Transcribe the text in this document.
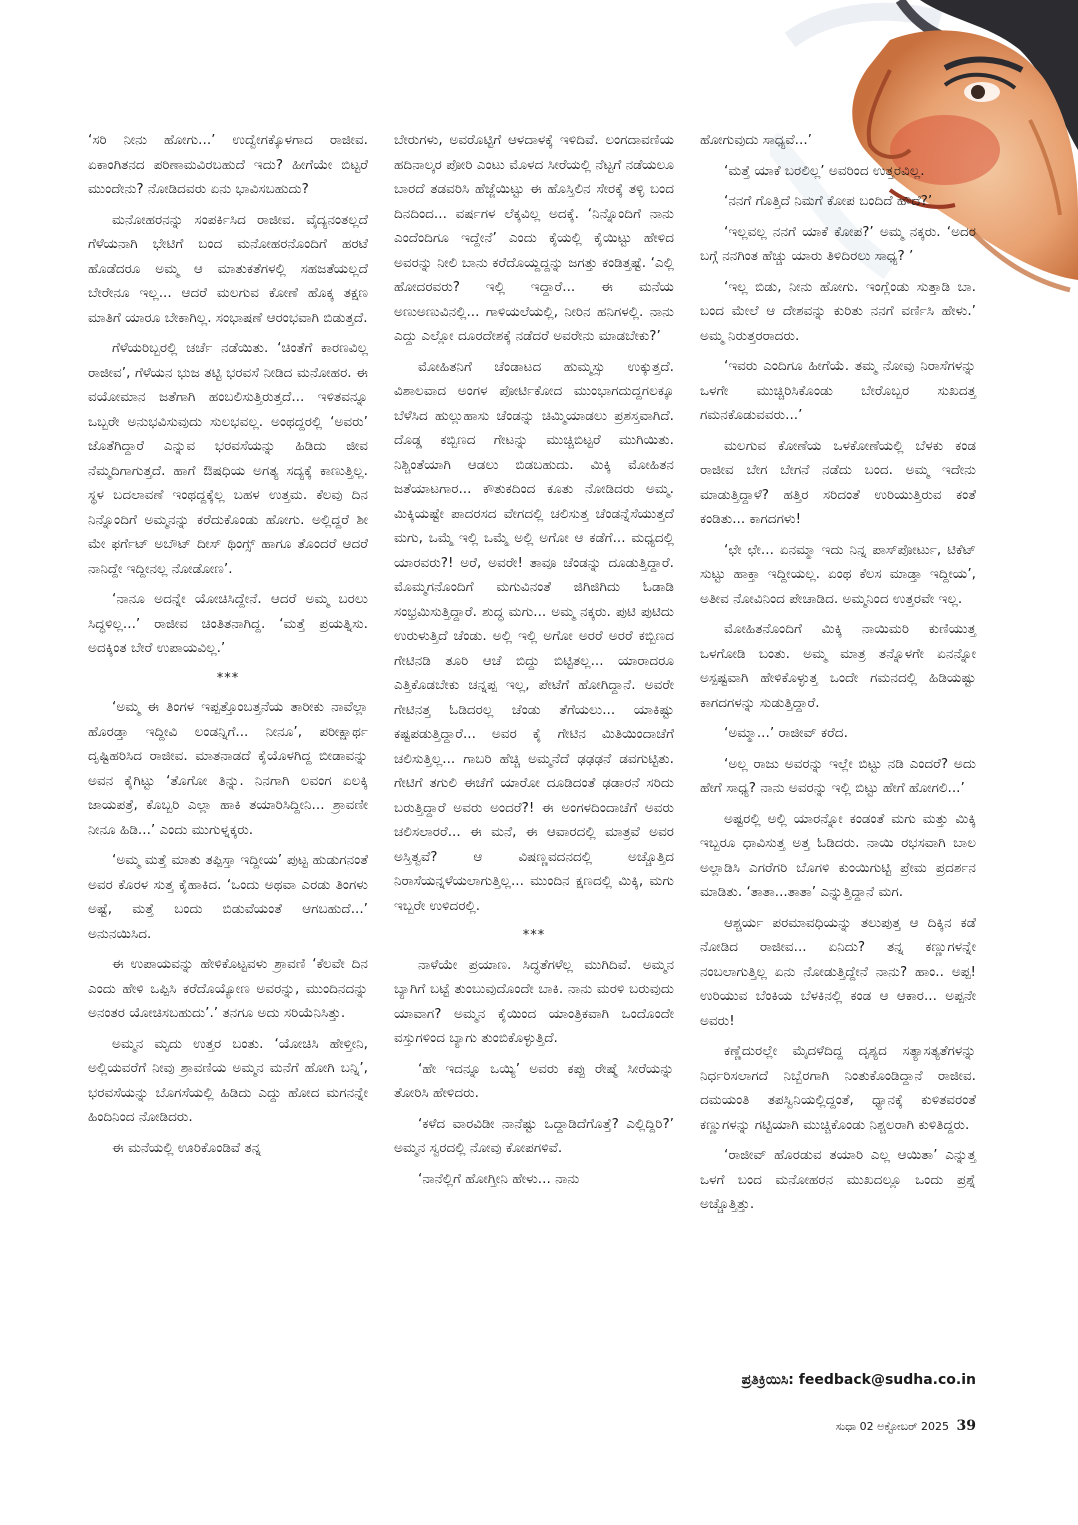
‘ಸರಿ ನೀನು ಹೋಗು...’ ಉದ್ವೇಗಕ್ಕೊಳಗಾದ ರಾಜೀವ. ಏಕಾಂಗಿತನದ ಪರಿಣಾಮವಿರಬಹುದೆ ಇದು? ಹೀಗೆಯೇ ಬಿಟ್ಟರೆ ಮುಂದೇನು? ನೋಡಿದವರು ಏನು ಭಾವಿಸಬಹುದು?

ಮನೋಹರನನ್ನು ಸಂಪರ್ಕಿಸಿದ ರಾಜೀವ. ವೈದ್ಯನಂತಲ್ಲದೆ ಗೆಳೆಯನಾಗಿ ಭೇಟಿಗೆ ಬಂದ ಮನೋಹರನೊಂದಿಗೆ ಹರಟೆ ಹೊಡೆದರೂ ಅಮ್ಮ ಆ ಮಾತುಕತೆಗಳಲ್ಲಿ ಸಹಜತೆಯಲ್ಲದೆ ಬೇರೇನೂ ಇಲ್ಲ... ಆದರೆ ಮಲಗುವ ಕೋಣೆ ಹೊಕ್ಕ ತಕ್ಷಣ ಮಾತಿಗೆ ಯಾರೂ ಬೇಕಾಗಿಲ್ಲ. ಸಂಭಾಷಣೆ ಆರಂಭವಾಗಿ ಬಿಡುತ್ತದೆ.

ಗೆಳೆಯರಿಬ್ಬರಲ್ಲಿ ಚರ್ಚೆ ನಡೆಯಿತು. ‘ಚಿಂತೆಗೆ ಕಾರಣವಿಲ್ಲ ರಾಜೀವ’, ಗೆಳೆಯನ ಭುಜ ತಟ್ಟಿ ಭರವಸೆ ನೀಡಿದ ಮನೋಹರ. ಈ ವಯೋಮಾನ ಜತೆಗಾಗಿ ಹಂಬಲಿಸುತ್ತಿರುತ್ತದೆ... ಇಳಿತವನ್ನೂ ಒಬ್ಬರೇ ಅನುಭವಿಸುವುದು ಸುಲಭವಲ್ಲ. ಅಂಥದ್ದರಲ್ಲಿ ‘ಅವರು’ ಜೊತೆಗಿದ್ದಾರೆ ಎನ್ನುವ ಭರವಸೆಯನ್ನು ಹಿಡಿದು ಜೀವ ನೆಮ್ಮದಿಗಾಗುತ್ತದೆ. ಹಾಗೆ ಔಷಧಿಯ ಅಗತ್ಯ ಸದ್ಯಕ್ಕೆ ಕಾಣುತ್ತಿಲ್ಲ. ಸ್ಥಳ ಬದಲಾವಣೆ ಇಂಥದ್ದಕ್ಕೆಲ್ಲ ಬಹಳ ಉತ್ತಮ. ಕೆಲವು ದಿನ ನಿನ್ನೊಂದಿಗೆ ಅಮ್ಮನನ್ನು ಕರೆದುಕೊಂಡು ಹೋಗು. ಅಲ್ಲಿದ್ದರೆ ಶೀ ಮೇ ಫರ್ಗೆಟ್ ಅಬೌಟ್ ದೀಸ್ ಥಿಂಗ್ಸ್ ಹಾಗೂ ತೊಂದರೆ ಆದರೆ ನಾನಿದ್ದೇ ಇದ್ದೀನಲ್ಲ ನೋಡೋಣ’.

‘ನಾನೂ ಅದನ್ನೇ ಯೋಚಿಸಿದ್ದೇನೆ. ಆದರೆ ಅಮ್ಮ ಬರಲು ಸಿದ್ಧಳಿಲ್ಲ...’ ರಾಜೀವ ಚಿಂತಿತನಾಗಿದ್ದ. ‘ಮತ್ತೆ ಪ್ರಯತ್ನಿಸು. ಅದಕ್ಕಿಂತ ಬೇರೆ ಉಪಾಯವಿಲ್ಲ.’

***

‘ಅಮ್ಮ ಈ ತಿಂಗಳ ಇಪ್ಪತ್ತೊಂಬತ್ತನೆಯ ತಾರೀಕು ನಾವೆಲ್ಲಾ ಹೊರಡ್ತಾ ಇದ್ದೀವಿ ಲಂಡನ್ನಿಗೆ... ನೀನೂ’, ಪರೀಕ್ಷಾರ್ಥ ದೃಷ್ಟಿಹರಿಸಿದ ರಾಜೀವ. ಮಾತನಾಡದೆ ಕೈಯೊಳಗಿದ್ದ ಬೀಡಾವನ್ನು ಅವನ ಕೈಗಿಟ್ಟು ‘ತೊಗೋ ತಿನ್ನು. ನಿನಗಾಗಿ ಲವಂಗ ಏಲಕ್ಕಿ ಜಾಯಪತ್ರೆ, ಕೊಬ್ಬರಿ ಎಲ್ಲಾ ಹಾಕಿ ತಯಾರಿಸಿದ್ದೀನಿ... ಶ್ರಾವಣೀ ನೀನೂ ಹಿಡಿ...’ ಎಂದು ಮುಗುಳ್ನಕ್ಕರು.

‘ಅಮ್ಮ ಮತ್ತೆ ಮಾತು ತಪ್ಪಿಸ್ತಾ ಇದ್ದೀಯ’ ಪುಟ್ಟ ಹುಡುಗನಂತೆ ಅವರ ಕೊರಳ ಸುತ್ತ ಕೈಹಾಕಿದ. ‘ಒಂದು ಅಥವಾ ಎರಡು ತಿಂಗಳು ಅಷ್ಟೆ, ಮತ್ತೆ ಬಂದು ಬಿಡುವೆಯಂತೆ ಆಗಬಹುದೆ...’ ಅನುನಯಿಸಿದ.

ಈ ಉಪಾಯವನ್ನು ಹೇಳಿಕೊಟ್ಟವಳು ಶ್ರಾವಣಿ ‘ಕೆಲವೇ ದಿನ ಎಂದು ಹೇಳಿ ಒಪ್ಪಿಸಿ ಕರೆದೊಯ್ಯೋಣ ಅವರನ್ನು, ಮುಂದಿನದನ್ನು ಅನಂತರ ಯೋಚಿಸಬಹುದು’.’ ತನಗೂ ಅದು ಸರಿಯೆನಿಸಿತ್ತು.

ಅಮ್ಮನ ಮೃದು ಉತ್ತರ ಬಂತು. ‘ಯೋಚಿಸಿ ಹೇಳ್ತೀನಿ, ಅಲ್ಲಿಯವರೆಗೆ ನೀವು ಶ್ರಾವಣಿಯ ಅಮ್ಮನ ಮನೆಗೆ ಹೋಗಿ ಬನ್ನಿ’, ಭರವಸೆಯನ್ನು ಬೊಗಸೆಯಲ್ಲಿ ಹಿಡಿದು ಎದ್ದು ಹೋದ ಮಗನನ್ನೇ ಹಿಂದಿನಿಂದ ನೋಡಿದರು.

ಈ ಮನೆಯಲ್ಲಿ ಊರಿಕೊಂಡಿವೆ ತನ್ನ

ಬೇರುಗಳು, ಅವರೊಟ್ಟಿಗೆ ಆಳದಾಳಕ್ಕೆ ಇಳಿದಿವೆ. ಲಂಗದಾವಣಿಯ ಹದಿನಾಲ್ಕರ ಪೋರಿ ಎಂಟು ಮೊಳದ ಸೀರೆಯಲ್ಲಿ ನೆಟ್ಟಗೆ ನಡೆಯಲೂ ಬಾರದೆ ತಡವರಿಸಿ ಹೆಜ್ಜೆಯಿಟ್ಟು ಈ ಹೊಸ್ತಿಲಿನ ಸೇರಕ್ಕೆ ತಳ್ಳಿ ಬಂದ ದಿನದಿಂದ... ವರ್ಷಗಳ ಲೆಕ್ಕವಿಲ್ಲ ಅದಕ್ಕೆ. ‘ನಿನ್ನೊಂದಿಗೆ ನಾನು ಎಂದೆಂದಿಗೂ ಇದ್ದೇನೆ’ ಎಂದು ಕೈಯಲ್ಲಿ ಕೈಯಿಟ್ಟು ಹೇಳಿದ ಅವರನ್ನು ನೀಲಿ ಬಾನು ಕರೆದೊಯ್ದದ್ದನ್ನು ಜಗತ್ತು ಕಂಡಿತ್ತಷ್ಟೆ. ‘ಎಲ್ಲಿ ಹೋದರವರು? ಇಲ್ಲಿ ಇದ್ದಾರೆ... ಈ ಮನೆಯ ಅಣುಅಣುವಿನಲ್ಲಿ... ಗಾಳಿಯಲೆಯಲ್ಲಿ, ನೀರಿನ ಹನಿಗಳಲ್ಲಿ. ನಾನು ಎದ್ದು ಎಲ್ಲೋ ದೂರದೇಶಕ್ಕೆ ನಡೆದರೆ ಅವರೇನು ಮಾಡಬೇಕು?’

ಮೋಹಿತನಿಗೆ ಚೆಂಡಾಟದ ಹುಮ್ಮಸ್ಸು ಉಕ್ಕುತ್ತದೆ. ವಿಶಾಲವಾದ ಅಂಗಳ ಪೋರ್ಟಿಕೋದ ಮುಂಭಾಗದುದ್ದಗಲಕ್ಕೂ ಬೆಳೆಸಿದ ಹುಲ್ಲುಹಾಸು ಚೆಂಡನ್ನು ಚಿಮ್ಮಿಯಾಡಲು ಪ್ರಶಸ್ತವಾಗಿದೆ. ದೊಡ್ಡ ಕಬ್ಬಿಣದ ಗೇಟನ್ನು ಮುಚ್ಚಿಬಿಟ್ಟರೆ ಮುಗಿಯಿತು. ನಿಶ್ಚಿಂತೆಯಾಗಿ ಆಡಲು ಬಿಡಬಹುದು. ಮಿಕ್ಕಿ ಮೋಹಿತನ ಜತೆಯಾಟಗಾರ... ಕೌತುಕದಿಂದ ಕೂತು ನೋಡಿದರು ಅಮ್ಮ. ಮಿಕ್ಕಿಯಷ್ಟೇ ಪಾದರಸದ ವೇಗದಲ್ಲಿ ಚಲಿಸುತ್ತ ಚೆಂಡನ್ನೆಸೆಯುತ್ತದೆ ಮಗು, ಒಮ್ಮೆ ಇಲ್ಲಿ ಒಮ್ಮೆ ಅಲ್ಲಿ ಅಗೋ ಆ ಕಡೆಗೆ... ಮಧ್ಯದಲ್ಲಿ ಯಾರವರು?! ಅರೆ, ಅವರೇ! ತಾವೂ ಚೆಂಡನ್ನು ದೂಡುತ್ತಿದ್ದಾರೆ. ಮೊಮ್ಮಗನೊಂದಿಗೆ ಮಗುವಿನಂತೆ ಜಿಗಿಜಿಗಿದು ಓಡಾಡಿ ಸಂಭ್ರಮಿಸುತ್ತಿದ್ದಾರೆ. ಶುದ್ಧ ಮಗು... ಅಮ್ಮ ನಕ್ಕರು. ಪುಟಿ ಪುಟಿದು ಉರುಳುತ್ತಿದೆ ಚೆಂಡು. ಅಲ್ಲಿ ಇಲ್ಲಿ ಅಗೋ ಅರರೆ ಅರರೆ ಕಬ್ಬಿಣದ ಗೇಟಿನಡಿ ತೂರಿ ಆಚೆ ಬಿದ್ದು ಬಿಟ್ಟಿತಲ್ಲ... ಯಾರಾದರೂ ಎತ್ತಿಕೊಡಬೇಕು ಚನ್ನಪ್ಪ ಇಲ್ಲ, ಪೇಟೆಗೆ ಹೋಗಿದ್ದಾನೆ. ಅವರೇ ಗೇಟಿನತ್ತ ಓಡಿದರಲ್ಲ ಚೆಂಡು ತೆಗೆಯಲು... ಯಾಕಿಷ್ಟು ಕಷ್ಟಪಡುತ್ತಿದ್ದಾರೆ... ಅವರ ಕೈ ಗೇಟಿನ ಮಿತಿಯಿಂದಾಚೆಗೆ ಚಲಿಸುತ್ತಿಲ್ಲ... ಗಾಬರಿ ಹೆಚ್ಚಿ ಅಮ್ಮನೆದೆ ಢಢಢನೆ ಡವಗುಟ್ಟಿತು. ಗೇಟಿಗೆ ತಗುಲಿ ಈಚೆಗೆ ಯಾರೋ ದೂಡಿದಂತೆ ಢಡಾರನೆ ಸರಿದು ಬರುತ್ತಿದ್ದಾರೆ ಅವರು ಅಂದರೆ?! ಈ ಅಂಗಳದಿಂದಾಚೆಗೆ ಅವರು ಚಲಿಸಲಾರರೆ... ಈ ಮನೆ, ಈ ಆವಾರದಲ್ಲಿ ಮಾತ್ರವೆ ಅವರ ಅಸ್ತಿತ್ವವೆ? ಆ ವಿಷಣ್ಣವದನದಲ್ಲಿ ಅಚ್ಚೊತ್ತಿದ ನಿರಾಸೆಯನ್ನಳೆಯಲಾಗುತ್ತಿಲ್ಲ... ಮುಂದಿನ ಕ್ಷಣದಲ್ಲಿ ಮಿಕ್ಕಿ, ಮಗು ಇಬ್ಬರೇ ಉಳಿದರಲ್ಲಿ.

***

ನಾಳೆಯೇ ಪ್ರಯಾಣ. ಸಿದ್ಧತೆಗಳೆಲ್ಲ ಮುಗಿದಿವೆ. ಅಮ್ಮನ ಬ್ಯಾಗಿಗೆ ಬಟ್ಟೆ ತುಂಬುವುದೊಂದೇ ಬಾಕಿ. ನಾನು ಮರಳಿ ಬರುವುದು ಯಾವಾಗ? ಅಮ್ಮನ ಕೈಯಿಂದ ಯಾಂತ್ರಿಕವಾಗಿ ಒಂದೊಂದೇ ವಸ್ತುಗಳಿಂದ ಬ್ಯಾಗು ತುಂಬಿಕೊಳ್ಳುತ್ತಿದೆ.

‘ಹೇ ಇದನ್ನೂ ಒಯ್ಯಿ’ ಅವರು ಕಪ್ಪು ರೇಷ್ಮೆ ಸೀರೆಯನ್ನು ತೋರಿಸಿ ಹೇಳಿದರು.

‘ಕಳೆದ ವಾರವಿಡೀ ನಾನೆಷ್ಟು ಒದ್ದಾಡಿದೆಗೊತ್ತೆ? ಎಲ್ಲಿದ್ದಿರಿ?’ ಅಮ್ಮನ ಸ್ವರದಲ್ಲಿ ನೋವು ಕೋಪಗಳಿವೆ.

‘ನಾನೆಲ್ಲಿಗೆ ಹೋಗ್ತೀನಿ ಹೇಳು... ನಾನು

ಹೋಗುವುದು ಸಾಧ್ಯವೆ...’

‘ಮತ್ತೆ ಯಾಕೆ ಬರಲಿಲ್ಲ’ ಅವರಿಂದ ಉತ್ತರವಿಲ್ಲ.

‘ನನಗೆ ಗೊತ್ತಿದೆ ನಿಮಗೆ ಕೋಪ ಬಂದಿದೆ ಹೌದೆ?’

‘ಇಲ್ಲವಲ್ಲ ನನಗೆ ಯಾಕೆ ಕೋಪ?’ ಅಮ್ಮ ನಕ್ಕರು. ‘ಅದರ ಬಗ್ಗೆ ನನಗಿಂತ ಹೆಚ್ಚು ಯಾರು ತಿಳಿದಿರಲು ಸಾಧ್ಯ? ’

‘ಇಲ್ಲ ಬಿಡು, ನೀನು ಹೋಗು. ಇಂಗ್ಲೆಂಡು ಸುತ್ತಾಡಿ ಬಾ. ಬಂದ ಮೇಲೆ ಆ ದೇಶವನ್ನು ಕುರಿತು ನನಗೆ ವರ್ಣಿಸಿ ಹೇಳು.’ ಅಮ್ಮ ನಿರುತ್ತರರಾದರು.

‘ಇವರು ಎಂದಿಗೂ ಹೀಗೆಯೆ. ತಮ್ಮ ನೋವು ನಿರಾಸೆಗಳನ್ನು ಒಳಗೇ ಮುಚ್ಚಿರಿಸಿಕೊಂಡು ಬೇರೊಬ್ಬರ ಸುಖದತ್ತ ಗಮನಕೊಡುವವರು...’

ಮಲಗುವ ಕೋಣೆಯ ಒಳಕೋಣೆಯಲ್ಲಿ ಬೆಳಕು ಕಂಡ ರಾಜೀವ ಬೇಗ ಬೇಗನೆ ನಡೆದು ಬಂದ. ಅಮ್ಮ ಇದೇನು ಮಾಡುತ್ತಿದ್ದಾಳೆ? ಹತ್ತಿರ ಸರಿದಂತೆ ಉರಿಯುತ್ತಿರುವ ಕಂತೆ ಕಂಡಿತು... ಕಾಗದಗಳು!

‘ಛೇ ಛೇ... ಏನಮ್ಮಾ ಇದು ನಿನ್ನ ಪಾಸ್‌ಪೋರ್ಟು, ಟಿಕೆಟ್ ಸುಟ್ಟು ಹಾಕ್ತಾ ಇದ್ದೀಯಲ್ಲ. ಏಂಥ ಕೆಲಸ ಮಾಡ್ತಾ ಇದ್ದೀಯ’, ಅತೀವ ನೋವಿನಿಂದ ಪೇಚಾಡಿದ. ಅಮ್ಮನಿಂದ ಉತ್ತರವೇ ಇಲ್ಲ.

ಮೋಹಿತನೊಂದಿಗೆ ಮಿಕ್ಕಿ ನಾಯಿಮರಿ ಕುಣಿಯುತ್ತ ಒಳಗೋಡಿ ಬಂತು. ಅಮ್ಮ ಮಾತ್ರ ತನ್ನೊಳಗೇ ಏನನ್ನೋ ಅಸ್ಪಷ್ಟವಾಗಿ ಹೇಳಿಕೊಳ್ಳುತ್ತ ಒಂದೇ ಗಮನದಲ್ಲಿ ಹಿಡಿಯಷ್ಟು ಕಾಗದಗಳನ್ನು ಸುಡುತ್ತಿದ್ದಾರೆ.

‘ಅಮ್ಮಾ...’ ರಾಜೀವ್ ಕರೆದ.

‘ಅಲ್ಲ ರಾಜು ಅವರನ್ನು ಇಲ್ಲೇ ಬಿಟ್ಟು ನಡಿ ಎಂದರೆ? ಅದು ಹೇಗೆ ಸಾಧ್ಯ? ನಾನು ಅವರನ್ನು ಇಲ್ಲಿ ಬಿಟ್ಟು ಹೇಗೆ ಹೋಗಲಿ...’

ಅಷ್ಟರಲ್ಲಿ ಅಲ್ಲಿ ಯಾರನ್ನೋ ಕಂಡಂತೆ ಮಗು ಮತ್ತು ಮಿಕ್ಕಿ ಇಬ್ಬರೂ ಧಾವಿಸುತ್ತ ಅತ್ತ ಓಡಿದರು. ನಾಯಿ ರಭಸವಾಗಿ ಬಾಲ ಅಲ್ಲಾಡಿಸಿ ಎಗರೆಗರಿ ಬೊಗಳಿ ಕುಂಯಿಗುಟ್ಟಿ ಪ್ರೇಮ ಪ್ರದರ್ಶನ ಮಾಡಿತು. ‘ತಾತಾ...ತಾತಾ’ ಎನ್ನುತ್ತಿದ್ದಾನೆ ಮಗ.

ಆಶ್ಚರ್ಯ ಪರಮಾವಧಿಯನ್ನು ತಲುಪುತ್ತ ಆ ದಿಕ್ಕಿನ ಕಡೆ ನೋಡಿದ ರಾಜೀವ... ಏನಿದು? ತನ್ನ ಕಣ್ಣುಗಳನ್ನೇ ನಂಬಲಾಗುತ್ತಿಲ್ಲ ಏನು ನೋಡುತ್ತಿದ್ದೇನೆ ನಾನು? ಹಾಂ.. ಅಪ್ಪ! ಉರಿಯುವ ಬೆಂಕಿಯ ಬೆಳಕಿನಲ್ಲಿ ಕಂಡ ಆ ಆಕಾರ... ಅಪ್ಪನೇ ಅವರು!

ಕಣ್ಣೆದುರಲ್ಲೇ ಮೈದಳೆದಿದ್ದ ದೃಶ್ಯದ ಸತ್ಯಾಸತ್ಯತೆಗಳನ್ನು ನಿರ್ಧರಿಸಲಾಗದೆ ನಿಬ್ಬೆರಗಾಗಿ ನಿಂತುಕೊಂಡಿದ್ದಾನೆ ರಾಜೀವ. ದಮಯಂತಿ ತಪಸ್ವಿನಿಯಲ್ಲಿದ್ದಂತೆ, ಧ್ಯಾನಕ್ಕೆ ಕುಳಿತವರಂತೆ ಕಣ್ಣುಗಳನ್ನು ಗಟ್ಟಿಯಾಗಿ ಮುಚ್ಚಿಕೊಂಡು ನಿಶ್ಚಲರಾಗಿ ಕುಳಿತಿದ್ದರು.

‘ರಾಜೀವ್ ಹೊರಡುವ ತಯಾರಿ ಎಲ್ಲ ಆಯಿತಾ’ ಎನ್ನುತ್ತ ಒಳಗೆ ಬಂದ ಮನೋಹರನ ಮುಖದಲ್ಲೂ ಒಂದು ಪ್ರಶ್ನೆ ಅಚ್ಚೊತ್ತಿತ್ತು.

ಪ್ರತಿಕ್ರಿಯಿಸಿ: feedback@sudha.co.in
ಸುಧಾ 02 ಅಕ್ಟೋಬರ್ 2025 39
